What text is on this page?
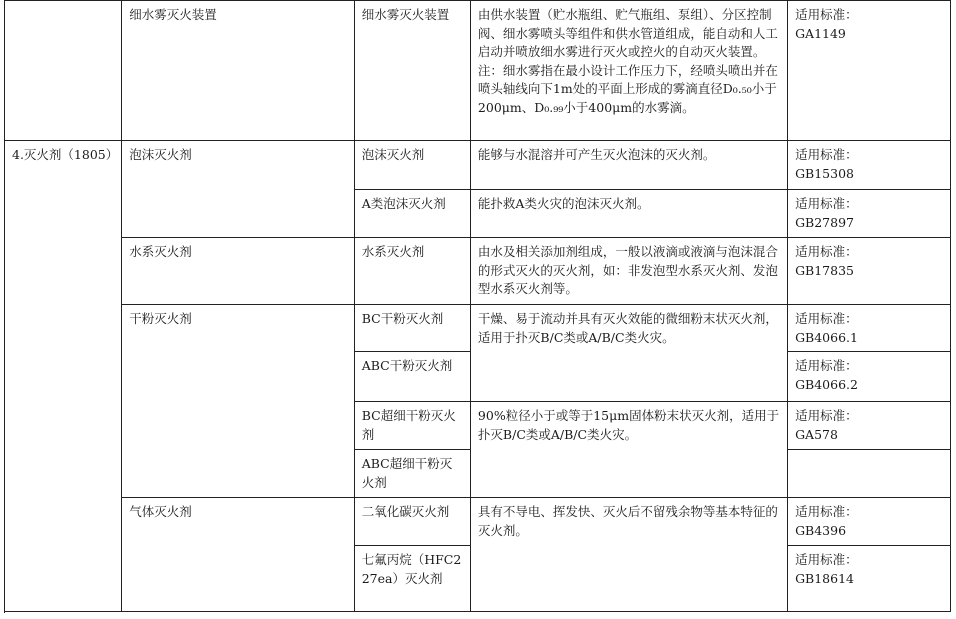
	细水雾灭火装置	细水雾灭火装置	由供水装置（贮水瓶组、贮气瓶组、泵组）、分区控制阀、细水雾喷头等组件和供水管道组成，能自动和人工启动并喷放细水雾进行灭火或控火的自动灭火装置。
注：细水雾指在最小设计工作压力下，经喷头喷出并在喷头轴线向下1m处的平面上形成的雾滴直径D₀.₅₀小于200μm、D₀.₉₉小于400μm的水雾滴。	适用标准：
GA1149

4.灭火剂（1805）	泡沫灭火剂	泡沫灭火剂	能够与水混溶并可产生灭火泡沫的灭火剂。	适用标准：
GB15308

		A类泡沫灭火剂	能扑救A类火灾的泡沫灭火剂。	适用标准：
GB27897

	水系灭火剂	水系灭火剂	由水及相关添加剂组成，一般以液滴或液滴与泡沫混合的形式灭火的灭火剂，如：非发泡型水系灭火剂、发泡型水系灭火剂等。	适用标准：
GB17835

	干粉灭火剂	BC干粉灭火剂	干燥、易于流动并具有灭火效能的微细粉末状灭火剂，适用于扑灭B/C类或A/B/C类火灾。	适用标准：
GB4066.1

		ABC干粉灭火剂		适用标准：
GB4066.2

		BC超细干粉灭火剂	90%粒径小于或等于15μm固体粉末状灭火剂，适用于扑灭B/C类或A/B/C类火灾。	适用标准：
GA578

		ABC超细干粉灭火剂		

	气体灭火剂	二氧化碳灭火剂	具有不导电、挥发快、灭火后不留残余物等基本特征的灭火剂。	适用标准：
GB4396

		七氟丙烷（HFC227ea）灭火剂		适用标准：
GB18614
